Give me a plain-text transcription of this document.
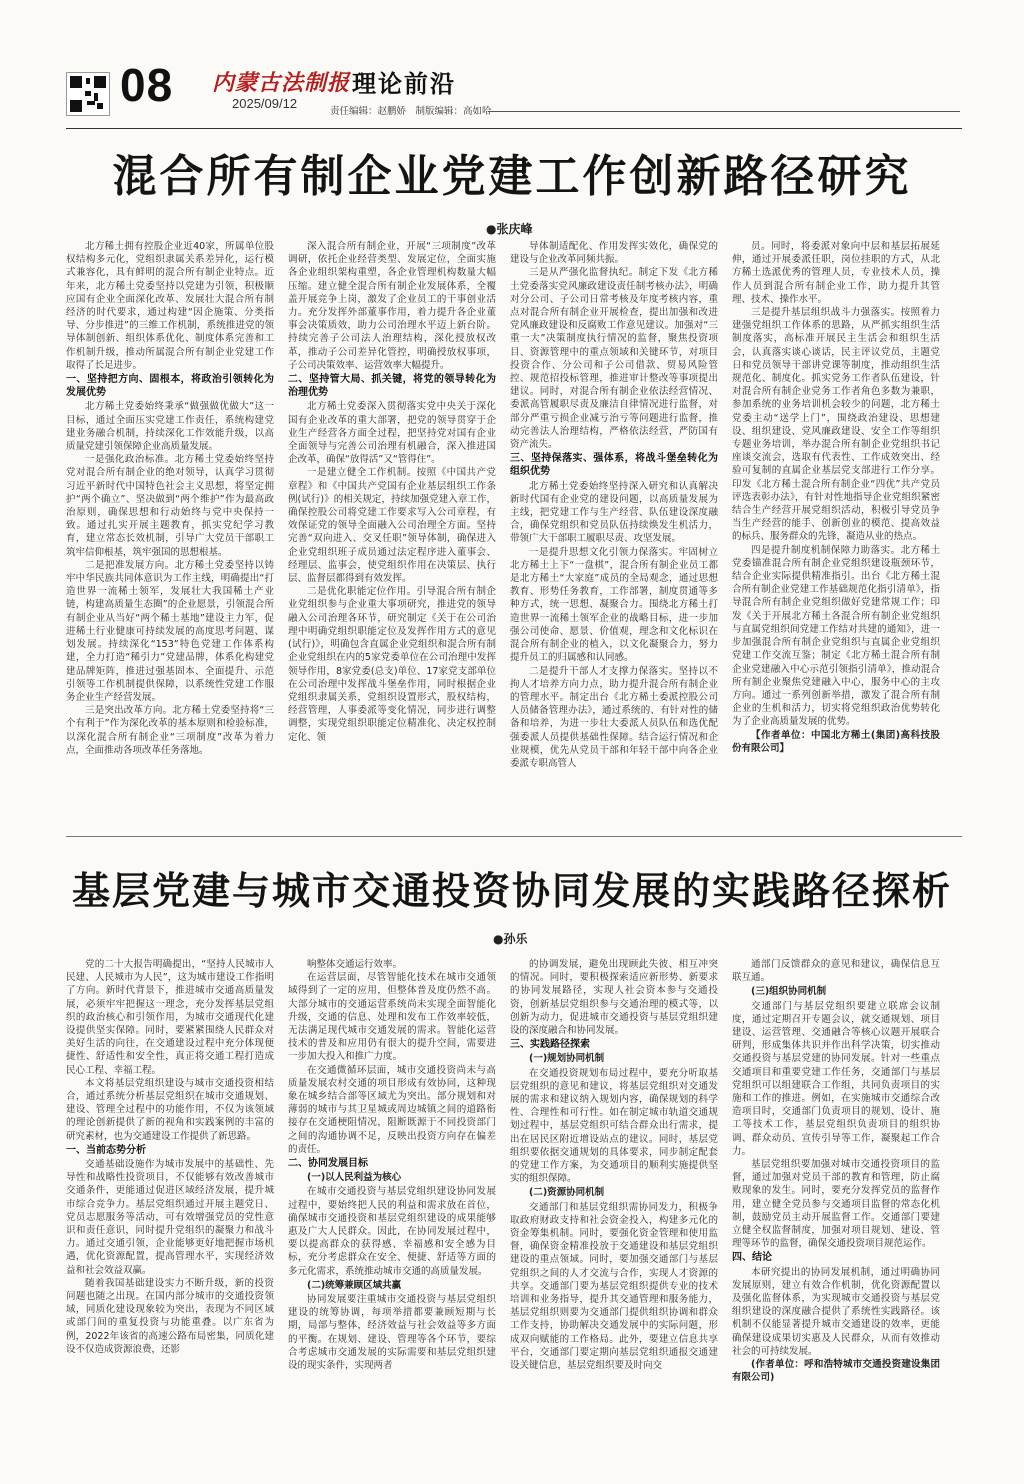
08 内蒙古法制报
2025/09/12
理论前沿
责任编辑：赵鹏娇　制版编辑：高如哈
混合所有制企业党建工作创新路径研究
●张庆峰

北方稀土拥有控股企业近40家，所属单位股权结构多元化，党组织隶属关系差异化，运行模式兼容化，具有鲜明的混合所有制企业特点。近年来，北方稀土党委坚持以党建为引领，积极顺应国有企业全面深化改革、发展壮大混合所有制经济的时代要求，通过构建“因企施策、分类指导、分步推进”的三维工作机制，系统推进党的领导体制创新、组织体系优化、制度体系完善和工作机制升级，推动所属混合所有制企业党建工作取得了长足进步。

一、坚持把方向、固根本，将政治引领转化为发展优势

北方稀土党委始终秉承“做强做优做大”这一目标，通过全面压实党建工作责任，系统构建党建业务融合机制，持续深化工作效能升级，以高质量党建引领保障企业高质量发展。

一是强化政治标准。北方稀土党委始终坚持党对混合所有制企业的绝对领导，认真学习贯彻习近平新时代中国特色社会主义思想，将坚定拥护“两个确立”、坚决做到“两个维护”作为最高政治原则，确保思想和行动始终与党中央保持一致。通过扎实开展主题教育，抓实党纪学习教育，建立常态长效机制，引导广大党员干部职工筑牢信仰根基，筑牢强国的思想根基。

二是把准发展方向。北方稀土党委坚持以铸牢中华民族共同体意识为工作主线，明确提出“打造世界一流稀土领军，发展壮大我国稀土产业链，构建高质量生态圈”的企业愿景，引领混合所有制企业从当好“两个稀土基地”建设主力军，促进稀土行业健康可持续发展的高度思考问题、谋划发展。持续深化“153”特色党建工作体系构建，全力打造“稀引力”党建品牌，体系化构建党建品牌矩阵，推进过强基固本、全面提升、示范引领等工作机制提供保障，以系统性党建工作服务企业生产经营发展。

三是突出改革方向。北方稀土党委坚持将“三个有利于”作为深化改革的基本原则和检验标准，以深化混合所有制企业“三项制度”改革为着力点，全面推动各项改革任务落地。

深入混合所有制企业，开展“三项制度”改革调研，依托企业经营类型、发展定位，全面实施各企业组织架构重塑，各企业管理机构数量大幅压缩。建立健全混合所有制企业发展体系，全覆盖开展竞争上岗，激发了企业员工的干事创业活力。充分发挥外部董事作用，着力提升各企业董事会决策质效，助力公司治理水平迈上新台阶。持续完善子公司法人治理结构，深化授放权改革，推动子公司差异化管控，明确授放权事项，子公司决策效率、运营效率大幅提升。

二、坚持管大局、抓关键，将党的领导转化为治理优势

北方稀土党委深入贯彻落实党中央关于深化国有企业改革的重大部署，把党的领导贯穿于企业生产经营各方面全过程，把坚持党对国有企业全面领导与完善公司治理有机融合，深入推进国企改革，确保“放得活”又“管得住”。

一是建立健全工作机制。按照《中国共产党章程》和《中国共产党国有企业基层组织工作条例(试行)》的相关规定，持续加强党建入章工作，确保控股公司将党建工作要求写入公司章程，有效保证党的领导全面融入公司治理全方面。坚持完善“双向进入、交叉任职”领导体制，确保进入企业党组织班子成员通过法定程序进入董事会、经理层、监事会，使党组织作用在决策层、执行层、监督层都得到有效发挥。

二是优化职能定位作用。引导混合所有制企业党组织参与企业重大事项研究，推进党的领导融入公司治理各环节，研究制定《关于在公司治理中明确党组织职能定位及发挥作用方式的意见(试行)》，明确包含直属企业党组织和混合所有制企业党组织在内的5家党委单位在公司治理中发挥领导作用，8家党委(总支)单位、17家党支部单位在公司治理中发挥战斗堡垒作用，同时根据企业党组织隶属关系，党组织设置形式，股权结构，经营管理，人事委派等变化情况，同步进行调整调整，实现党组织职能定位精准化、决定权控制定化、领

导体制适配化、作用发挥实效化，确保党的建设与企业改革同频共振。

三是从严强化监督执纪。制定下发《北方稀土党委落实党风廉政建设责任制考核办法》，明确对分公司、子公司日常考核及年度考核内容，重点对混合所有制企业开展检查，提出加强和改进党风廉政建设和反腐败工作意见建议。加强对“三重一大”决策制度执行情况的监督，聚焦投资项目、资源管理中的重点领域和关键环节，对项目投资合作、分公司和子公司借款、贸易风险管控、规范招投标管理，推进审计整改等事项提出建议。同时，对混合所有制企业依法经营情况、委派高管履职尽责及廉洁自律情况进行监督，对部分严重亏损企业减亏治亏等问题进行监督，推动完善法人治理结构，严格依法经营，严防国有资产流失。

三、坚持保落实、强体系，将战斗堡垒转化为组织优势

北方稀土党委始终坚持深入研究和认真解决新时代国有企业党的建设问题，以高质量发展为主线，把党建工作与生产经营、队伍建设深度融合，确保党组织和党员队伍持续焕发生机活力，带领广大干部职工履职尽责、攻坚发展。

一是提升思想文化引领力保落实。牢固树立北方稀土上下“一盘棋”，混合所有制企业员工都是北方稀土“大家庭”成员的全局观念，通过思想教育、形势任务教育，工作部署，制度贯通等多种方式，统一思想、凝聚合力。围绕北方稀土打造世界一流稀土领军企业的战略目标，进一步加强公司使命、愿景、价值观，理念和文化标识在混合所有制企业的植入，以文化凝聚合力，努力提升员工的归属感和认同感。

二是提升干部人才支撑力保落实。坚持以不拘人才培养方向力点，助力提升混合所有制企业的管理水平。制定出台《北方稀土委派控股公司人员储备管理办法》，通过系统的、有针对性的储备和培养，为进一步壮大委派人员队伍和选优配强委派人员提供基础性保障。结合运行情况和企业规模，优先从党员干部和年轻干部中向各企业委派专职高管人

员。同时，将委派对象向中层和基层拓展延伸，通过开展委派任职，岗位挂职的方式，从北方稀土选派优秀的管理人员，专业技术人员，操作人员到混合所有制企业工作，助力提升其管理、技术、操作水平。

三是提升基层组织战斗力强落实。按照着力建强党组织工作体系的思路，从严抓实组织生活制度落实，高标准开展民主生活会和组织生活会，认真落实谈心谈话，民主评议党员，主题党日和党员领导干部讲党课等制度，推动组织生活规范化、制度化。抓实党务工作者队伍建设，针对混合所有制企业党务工作者角色多数为兼职，参加系统的业务培训机会较少的问题，北方稀土党委主动“送学上门”，围绕政治建设、思想建设、组织建设、党风廉政建设、安全工作等组织专题业务培训，举办混合所有制企业党组织书记座谈交流会，选取有代表性、工作成效突出、经验可复制的直属企业基层党支部进行工作分享。印发《北方稀土混合所有制企业“四优”共产党员评选表彰办法》，有针对性地指导企业党组织紧密结合生产经营开展党组织活动，积极引导党员争当生产经营的能手、创新创业的模范、提高效益的标兵、服务群众的先锋，凝造从业的热点。

四是提升制度机制保障力助落实。北方稀土党委锚准混合所有制企业党组织建设瓶颈环节，结合企业实际提供精准指引。出台《北方稀土混合所有制企业党建工作基础规范化指引清单》，指导混合所有制企业党组织做好党建常规工作；印发《关于开展北方稀土各混合所有制企业党组织与直属党组织间党建工作结对共建的通知》，进一步加强混合所有制企业党组织与直属企业党组织党建工作交流互鉴；制定《北方稀土混合所有制企业党建融入中心示范引领指引清单》，推动混合所有制企业聚焦党建融入中心，服务中心的主攻方向。通过一系列创新举措，激发了混合所有制企业的生机和活力，切实将党组织政治优势转化为了企业高质量发展的优势。

【作者单位：中国北方稀土(集团)高科技股份有限公司】

基层党建与城市交通投资协同发展的实践路径探析
●孙乐

党的二十大报告明确提出，“坚持人民城市人民建、人民城市为人民”，这为城市建设工作指明了方向。新时代背景下，推进城市交通高质量发展，必须牢牢把握这一理念，充分发挥基层党组织的政治核心和引领作用，为城市交通现代化建设提供坚实保障。同时，要紧紧围绕人民群众对美好生活的向往，在交通建设过程中充分体现便捷性、舒适性和安全性，真正将交通工程打造成民心工程、幸福工程。

本文将基层党组织建设与城市交通投资相结合，通过系统分析基层党组织在城市交通规划、建设、管理全过程中的功能作用，不仅为该领域的理论创新提供了新的视角和实践案例的丰富的研究素材，也为交通建设工作提供了新思路。

一、当前态势分析

交通基础设施作为城市发展中的基础性、先导性和战略性投资项目，不仅能够有效改善城市交通条件，更能通过促进区域经济发展，提升城市综合竞争力。基层党组织通过开展主题党日、党员志愿服务等活动，可有效增强党员的党性意识和责任意识，同时提升党组织的凝聚力和战斗力。通过交通引领，企业能够更好地把握市场机遇，优化资源配置，提高管理水平，实现经济效益和社会效益双赢。

随着我国基础建设实力不断升级，新的投资问题也随之出现。在国内部分城市的交通投资领域，同质化建设现象较为突出，表现为不同区域或部门间的重复投资与功能重叠。以广东省为例，2022年该省的高速公路布局密集，同质化建设不仅造成资源浪费，还影

响整体交通运行效率。

在运营层面，尽管智能化技术在城市交通领域得到了一定的应用，但整体普及度仍然不高。大部分城市的交通运营系统尚未实现全面智能化升级，交通的信息、处理和发布工作效率较低，无法满足现代城市交通发展的需求。智能化运营技术的普及和应用仍有很大的提升空间，需要进一步加大投入和推广力度。

在交通微循环层面，城市交通投资尚未与高质量发展农村交通的项目形成有效协同，这种现象在城乡结合部等区域尤为突出。部分规划和对薄弱的城市与其卫星城或周边城镇之间的道路衔接存在交通梗阻情况，阻断既源于不同投资部门之间的沟通协调不足，反映出投资方向存在偏差的责任。

二、协同发展目标
(一)以人民利益为核心

在城市交通投资与基层党组织建设协同发展过程中，要始终把人民的利益和需求放在首位，确保城市交通投资和基层党组织建设的成果能够惠及广大人民群众。因此，在协同发展过程中，要以提高群众的获得感、幸福感和安全感为目标，充分考虑群众在安全、便捷、舒适等方面的多元化需求，系统推动城市交通的高质量发展。

(二)统筹兼顾区域共赢

协同发展要注重城市交通投资与基层党组织建设的统筹协调，每项举措都要兼顾短期与长期，局部与整体，经济效益与社会效益等多方面的平衡。在规划、建设、管理等各个环节，要综合考虑城市交通发展的实际需要和基层党组织建设的现实条件，实现两者

的协调发展，避免出现顾此失彼、相互冲突的情况。同时，要积极探索适应新形势、新要求的协同发展路径，实现人社会资本参与交通投资，创新基层党组织参与交通治理的模式等，以创新为动力，促进城市交通投资与基层党组织建设的深度融合和协同发展。

三、实践路径探索
(一)规划协同机制

在交通投资规划布局过程中，要充分听取基层党组织的意见和建议，将基层党组织对交通发展的需求和建议纳入规划内容，确保规划的科学性、合理性和可行性。如在制定城市轨道交通规划过程中，基层党组织可结合群众出行需求，提出在居民区附近增设站点的建议。同时，基层党组织要依据交通规划的具体要求，同步制定配套的党建工作方案，为交通项目的顺利实施提供坚实的组织保障。

(二)资源协同机制

交通部门和基层党组织需协同发力，积极争取政府财政支持和社会资金投入，构建多元化的资金筹集机制。同时，要强化资金管理和使用监督，确保资金精准投放于交通建设和基层党组织建设的重点领域。同时，要加强交通部门与基层党组织之间的人才交流与合作，实现人才资源的共享。交通部门要为基层党组织提供专业的技术培训和业务指导，提升其交通管理和服务能力，基层党组织则要为交通部门提供组织协调和群众工作支持，协助解决交通发展中的实际问题，形成双向赋能的工作格局。此外，要建立信息共享平台，交通部门要定期向基层党组织通报交通建设关键信息，基层党组织要及时向交

通部门反馈群众的意见和建议，确保信息互联互通。

(三)组织协同机制

交通部门与基层党组织要建立联席会议制度，通过定期召开专题会议，就交通规划、项目建设、运营管理、交通融合等核心议题开展联合研判，形成集体共识并作出科学决策，切实推动交通投资与基层党建的协同发展。针对一些重点交通项目和重要党建工作任务，交通部门与基层党组织可以组建联合工作组，共同负责项目的实施和工作的推进。例如，在实施城市交通综合改造项目时，交通部门负责项目的规划、设计、施工等技术工作，基层党组织负责项目的组织协调、群众动员、宣传引导等工作，凝聚起工作合力。

基层党组织要加强对城市交通投资项目的监督，通过加强对党员干部的教育和管理，防止腐败现象的发生。同时，要充分发挥党员的监督作用，建立健全党员参与交通项目监督的常态化机制，鼓励党员主动开展监督工作。交通部门要建立健全权监督制度，加强对项目规划、建设、管理等环节的监督，确保交通投资项目规范运作。

四、结论

本研究提出的协同发展机制，通过明确协同发展原则，建立有效合作机制，优化资源配置以及强化监督体系，为实现城市交通投资与基层党组织建设的深度融合提供了系统性实践路径。该机制不仅能显著提升城市交通建设的效率，更能确保建设成果切实惠及人民群众，从而有效推动社会的可持续发展。

(作者单位：呼和浩特城市交通投资建设集团有限公司)
